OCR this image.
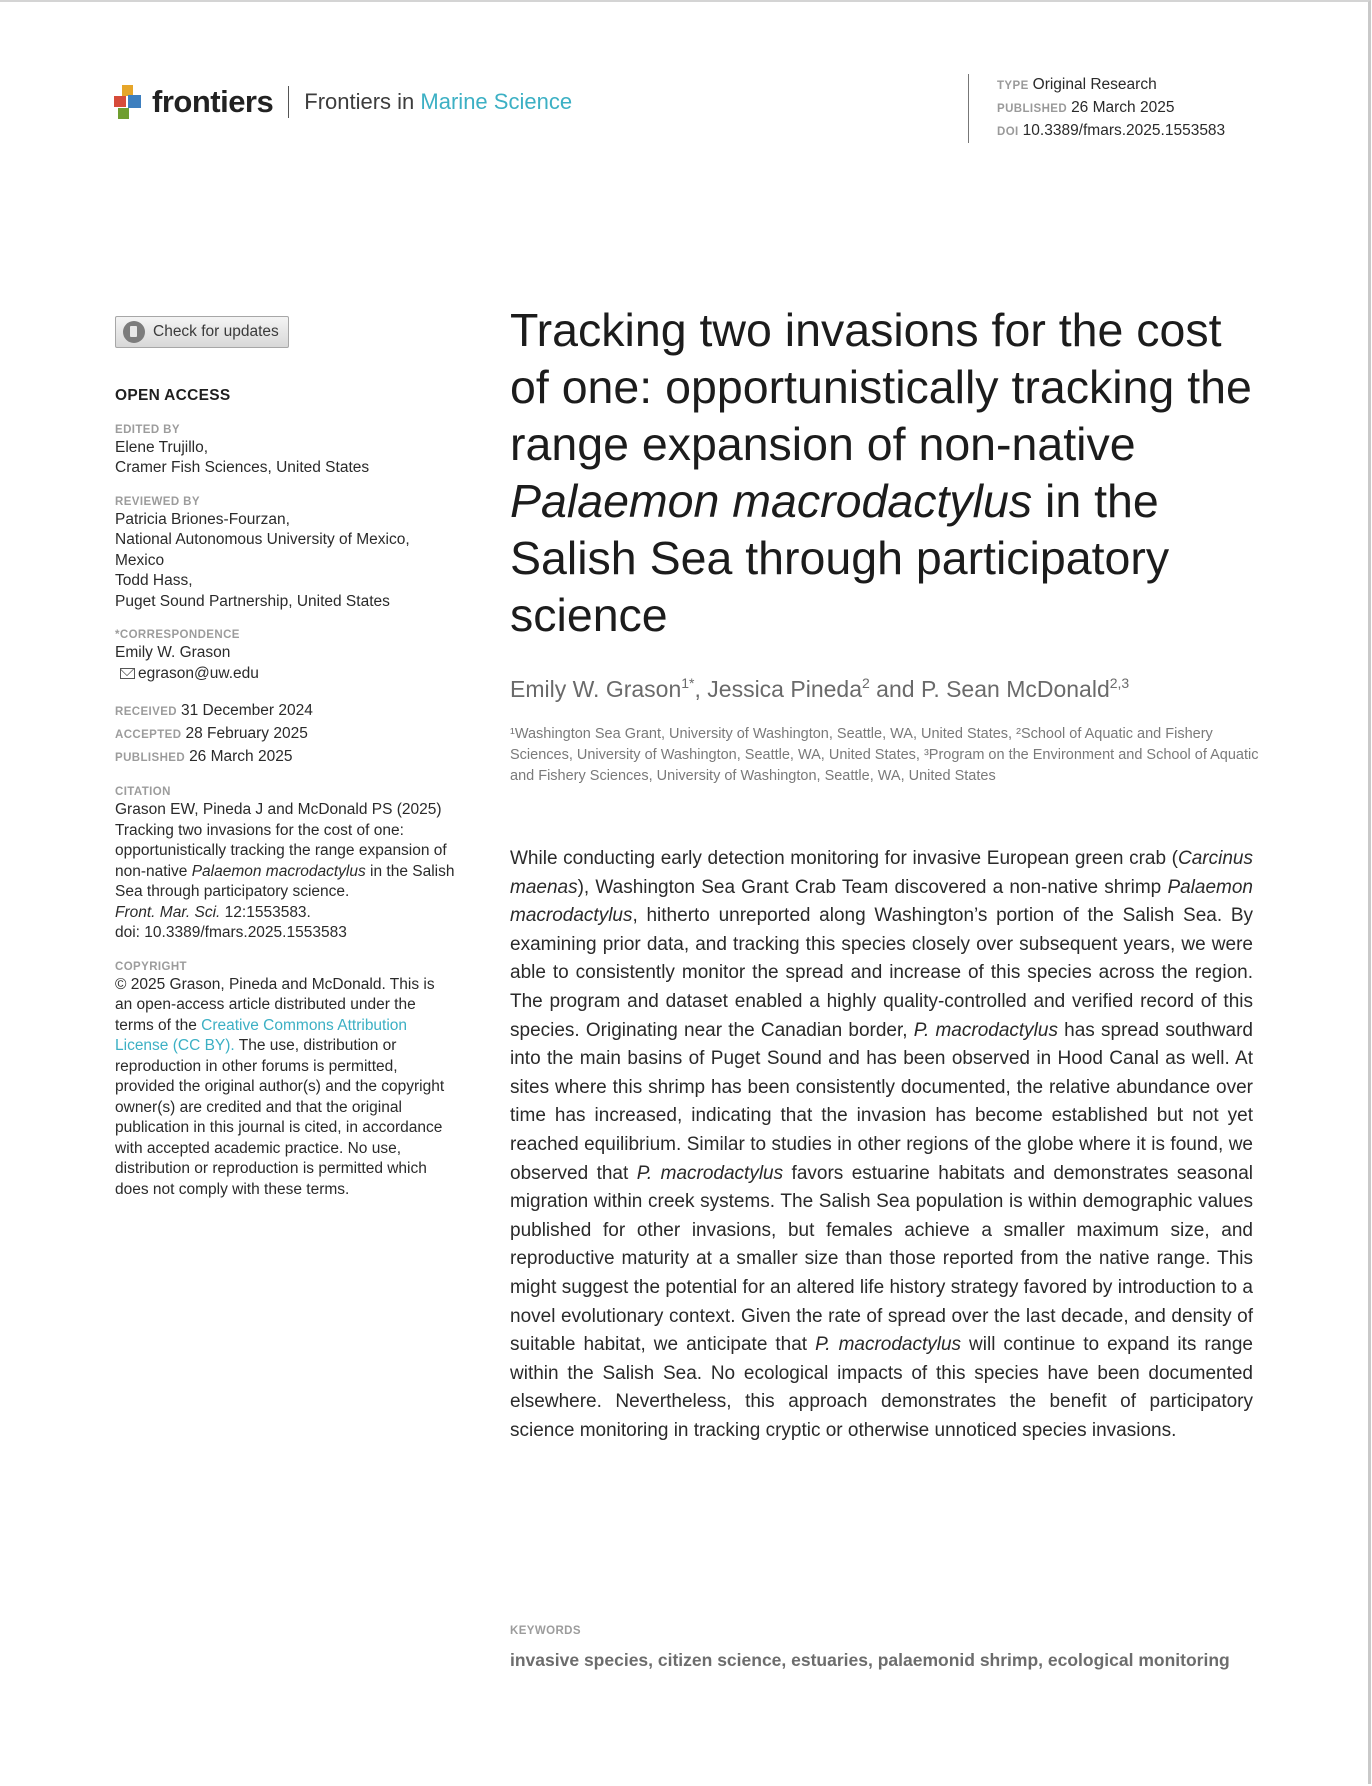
frontiers Frontiers in Marine Science
TYPE Original Research
PUBLISHED 26 March 2025
DOI 10.3389/fmars.2025.1553583
Check for updates
OPEN ACCESS
EDITED BY
Elene Trujillo,
Cramer Fish Sciences, United States
REVIEWED BY
Patricia Briones-Fourzan,
National Autonomous University of Mexico,
Mexico
Todd Hass,
Puget Sound Partnership, United States
*CORRESPONDENCE
Emily W. Grason
egrason@uw.edu
RECEIVED 31 December 2024
ACCEPTED 28 February 2025
PUBLISHED 26 March 2025
CITATION
Grason EW, Pineda J and McDonald PS (2025) Tracking two invasions for the cost of one: opportunistically tracking the range expansion of non-native Palaemon macrodactylus in the Salish Sea through participatory science.
Front. Mar. Sci. 12:1553583.
doi: 10.3389/fmars.2025.1553583
COPYRIGHT
© 2025 Grason, Pineda and McDonald. This is an open-access article distributed under the terms of the Creative Commons Attribution License (CC BY). The use, distribution or reproduction in other forums is permitted, provided the original author(s) and the copyright owner(s) are credited and that the original publication in this journal is cited, in accordance with accepted academic practice. No use, distribution or reproduction is permitted which does not comply with these terms.
Tracking two invasions for the cost of one: opportunistically tracking the range expansion of non-native Palaemon macrodactylus in the Salish Sea through participatory science
Emily W. Grason$^{1*}$, Jessica Pineda$^2$ and P. Sean McDonald$^{2,3}$
¹Washington Sea Grant, University of Washington, Seattle, WA, United States, ²School of Aquatic and Fishery Sciences, University of Washington, Seattle, WA, United States, ³Program on the Environment and School of Aquatic and Fishery Sciences, University of Washington, Seattle, WA, United States

While conducting early detection monitoring for invasive European green crab (Carcinus maenas), Washington Sea Grant Crab Team discovered a non-native shrimp Palaemon macrodactylus, hitherto unreported along Washington’s portion of the Salish Sea. By examining prior data, and tracking this species closely over subsequent years, we were able to consistently monitor the spread and increase of this species across the region. The program and dataset enabled a highly quality-controlled and verified record of this species. Originating near the Canadian border, P. macrodactylus has spread southward into the main basins of Puget Sound and has been observed in Hood Canal as well. At sites where this shrimp has been consistently documented, the relative abundance over time has increased, indicating that the invasion has become established but not yet reached equilibrium. Similar to studies in other regions of the globe where it is found, we observed that P. macrodactylus favors estuarine habitats and demonstrates seasonal migration within creek systems. The Salish Sea population is within demographic values published for other invasions, but females achieve a smaller maximum size, and reproductive maturity at a smaller size than those reported from the native range. This might suggest the potential for an altered life history strategy favored by introduction to a novel evolutionary context. Given the rate of spread over the last decade, and density of suitable habitat, we anticipate that P. macrodactylus will continue to expand its range within the Salish Sea. No ecological impacts of this species have been documented elsewhere. Nevertheless, this approach demonstrates the benefit of participatory science monitoring in tracking cryptic or otherwise unnoticed species invasions.

KEYWORDS
invasive species, citizen science, estuaries, palaemonid shrimp, ecological monitoring
